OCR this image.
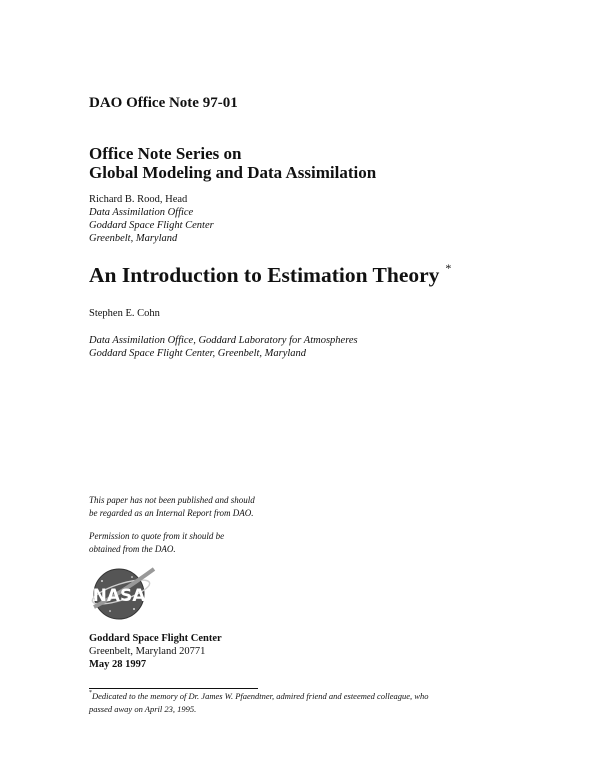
DAO Office Note 97-01
Office Note Series on
Global Modeling and Data Assimilation
Richard B. Rood, Head
Data Assimilation Office
Goddard Space Flight Center
Greenbelt, Maryland
An Introduction to Estimation Theory *
Stephen E. Cohn
Data Assimilation Office, Goddard Laboratory for Atmospheres
Goddard Space Flight Center, Greenbelt, Maryland
This paper has not been published and should
be regarded as an Internal Report from DAO.
Permission to quote from it should be
obtained from the DAO.
NASA
Goddard Space Flight Center
Greenbelt, Maryland 20771
May 28 1997
*Dedicated to the memory of Dr. James W. Pfaendtner, admired friend and esteemed colleague, who
passed away on April 23, 1995.
